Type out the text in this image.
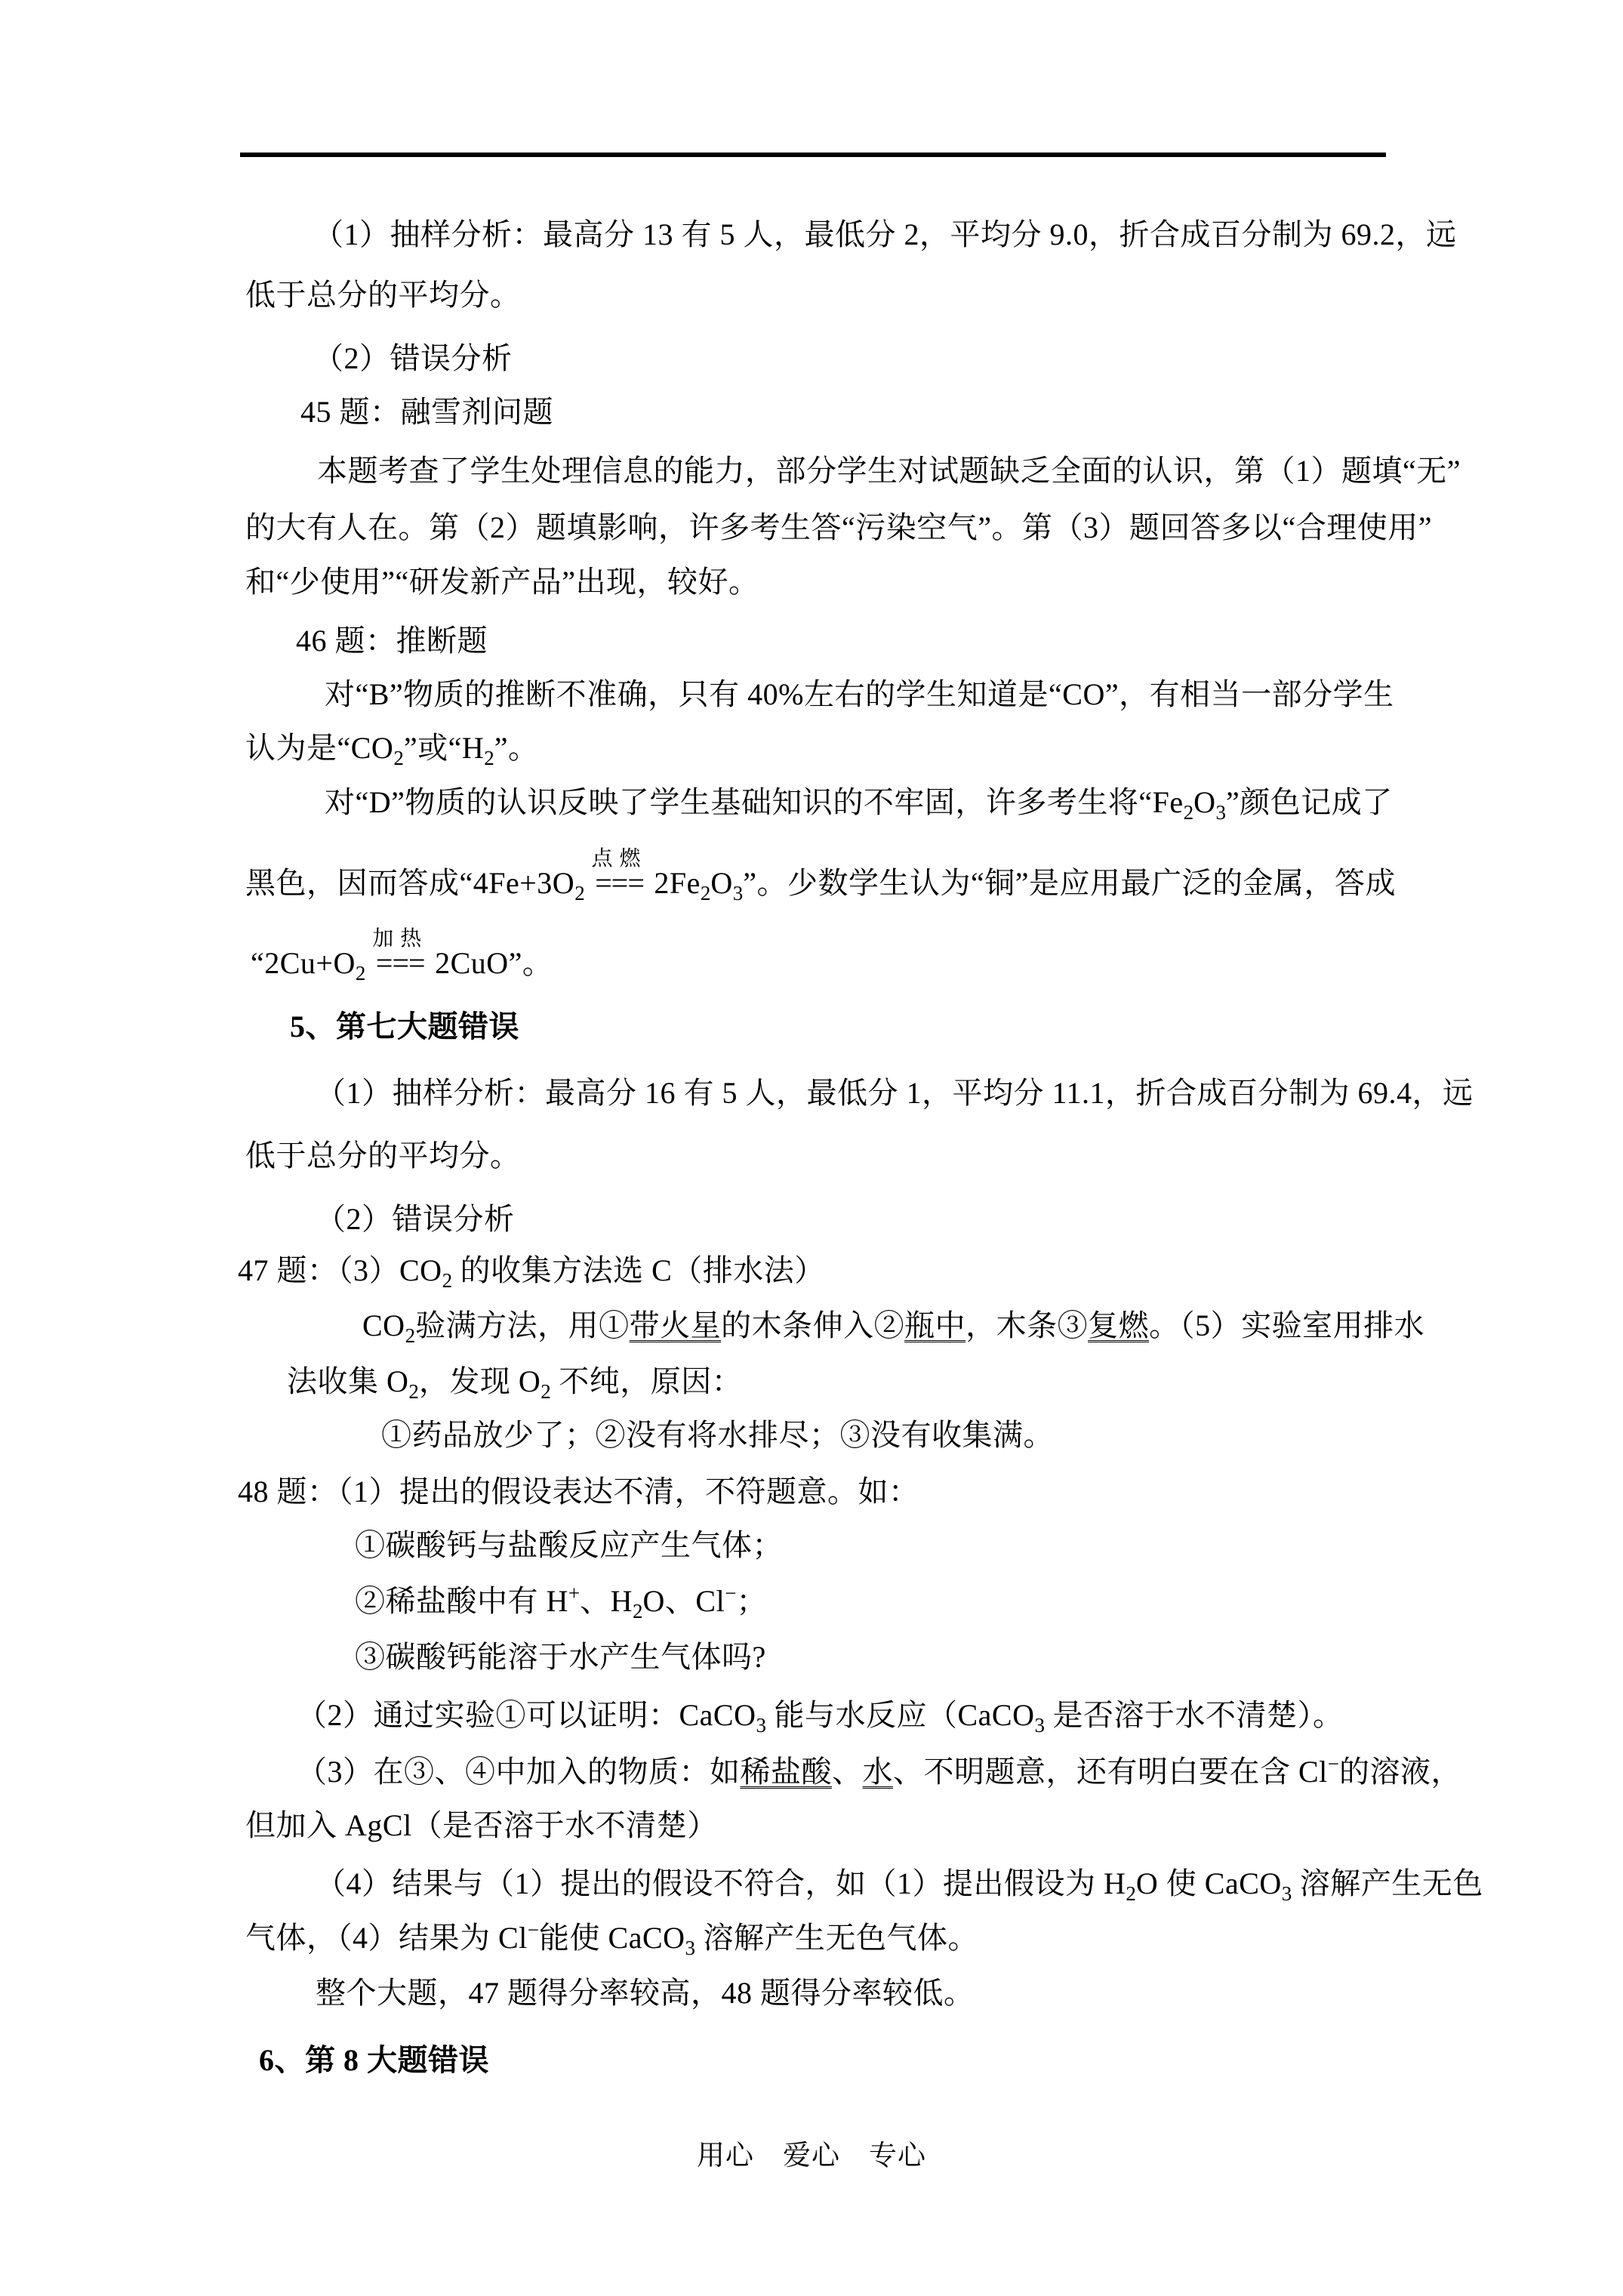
（1）抽样分析：最高分 13 有 5 人，最低分 2，平均分 9.0，折合成百分制为 69.2，远
低于总分的平均分。
（2）错误分析
45 题：融雪剂问题
本题考查了学生处理信息的能力，部分学生对试题缺乏全面的认识，第（1）题填“无”
的大有人在。第（2）题填影响，许多考生答“污染空气”。第（3）题回答多以“合理使用”
和“少使用”“研发新产品”出现，较好。
46 题：推断题
对“B”物质的推断不准确，只有 40%左右的学生知道是“CO”，有相当一部分学生
认为是“$CO_2$”或“$H_2$”。
对“D”物质的认识反映了学生基础知识的不牢固，许多考生将“$Fe_2O_3$”颜色记成了
黑色，因而答成“$4Fe+3O_2$
点燃
=== $2Fe_2O_3$”。少数学生认为“铜”是应用最广泛的金属，答成
“$2Cu+O_2$
加热
=== 2CuO”。
5、第七大题错误
（1）抽样分析：最高分 16 有 5 人，最低分 1，平均分 11.1，折合成百分制为 69.4，远
低于总分的平均分。
（2）错误分析
47 题：$(3)CO_2$ 的收集方法选 C（排水法）
$CO_2$验满方法，用①带火星的木条伸入②瓶中，木条③复燃。（5）实验室用排水
法收集 $O_2$，发现 $O_2$ 不纯，原因：
①药品放少了；②没有将水排尽；③没有收集满。
48 题：（1）提出的假设表达不清，不符题意。如：
①碳酸钙与盐酸反应产生气体；
②稀盐酸中有 H+、$H_2O$、Cl−；
③碳酸钙能溶于水产生气体吗?
（2）通过实验①可以证明：CaCO$_3$ 能与水反应（CaCO$_3$ 是否溶于水不清楚）。
（3）在③、④中加入的物质：如稀盐酸、水、不明题意，还有明白要在含 Cl−的溶液，
但加入 AgCl（是否溶于水不清楚）
（4）结果与（1）提出的假设不符合，如（1）提出假设为 $H_2O$ 使 CaCO$_3$ 溶解产生无色
气体，（4）结果为 Cl−能使 CaCO$_3$ 溶解产生无色气体。
整个大题，47 题得分率较高，48 题得分率较低。
6、第 8 大题错误
用心　爱心　专心
